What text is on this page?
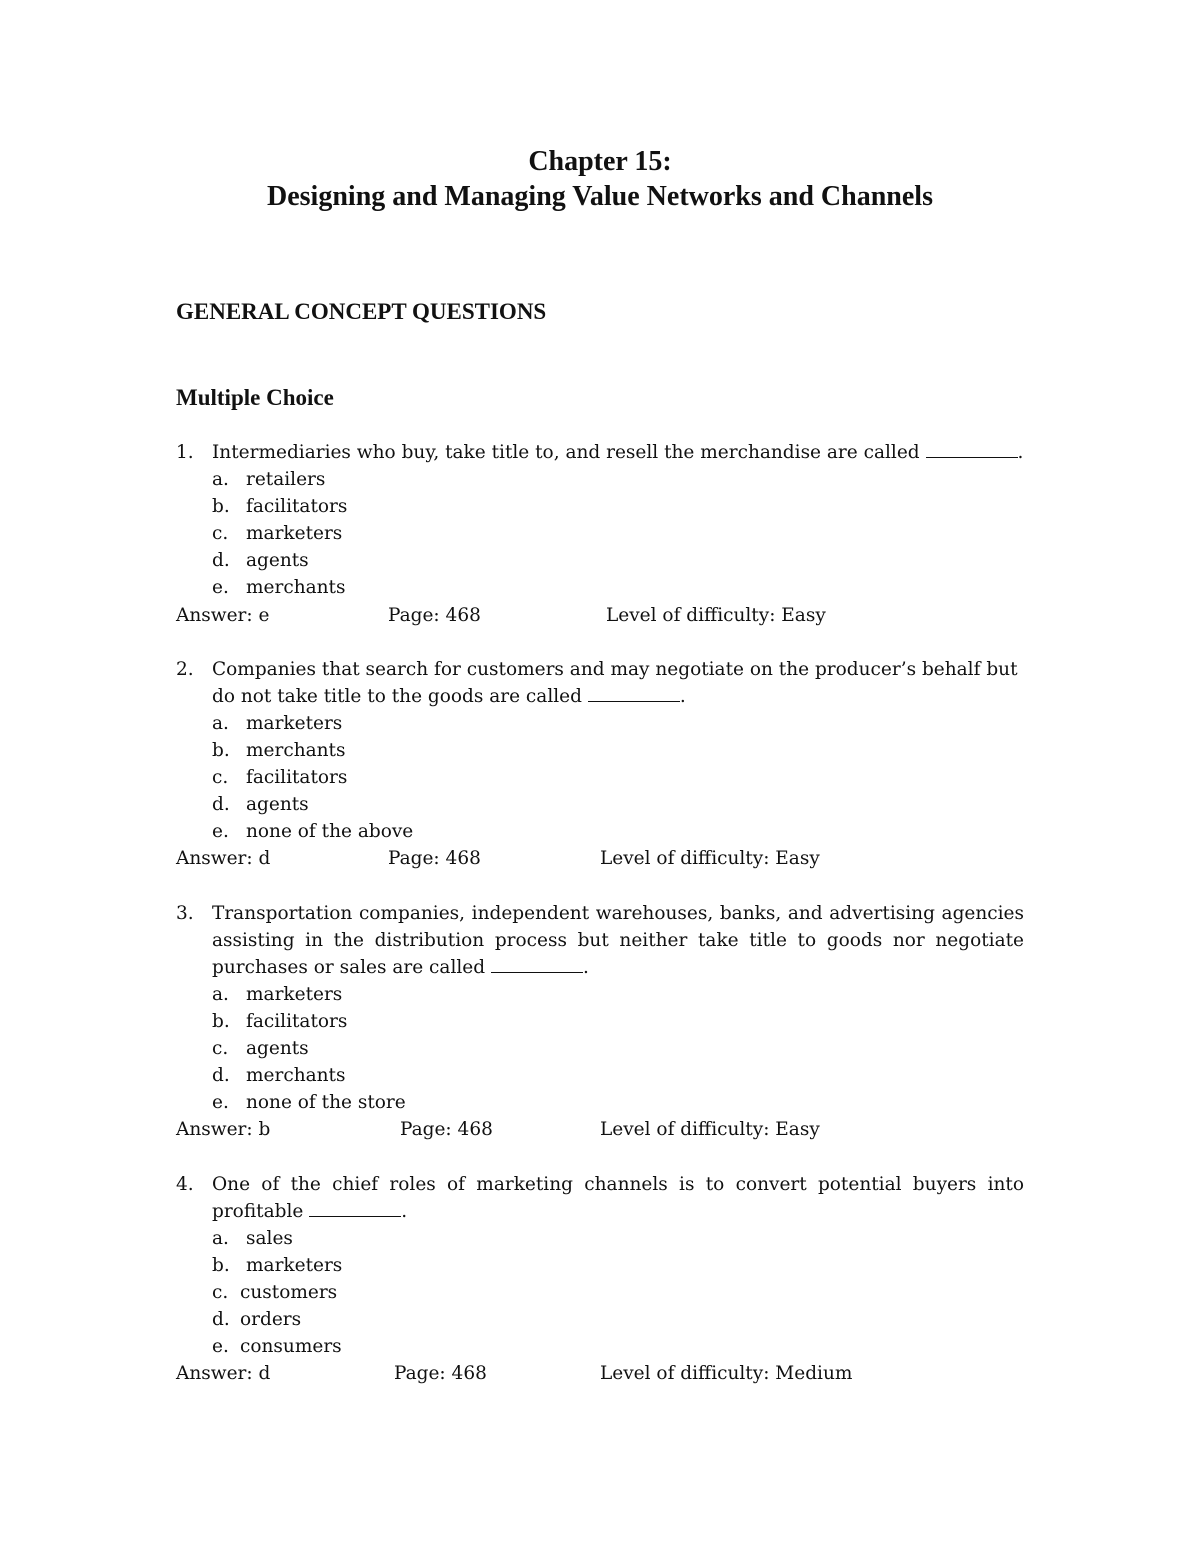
Chapter 15:
Designing and Managing Value Networks and Channels
GENERAL CONCEPT QUESTIONS
Multiple Choice
1. Intermediaries who buy, take title to, and resell the merchandise are called	.
a. retailers
b. facilitators
c. marketers
d. agents
e. merchants
Answer: e	Page: 468	Level of difficulty: Easy
2. Companies that search for customers and may negotiate on the producer’s behalf but do not take title to the goods are called	.
a. marketers
b. merchants
c. facilitators
d. agents
e. none of the above
Answer: d	Page: 468	Level of difficulty: Easy
3. Transportation companies, independent warehouses, banks, and advertising agencies assisting in the distribution process but neither take title to goods nor negotiate purchases or sales are called	.
a. marketers
b. facilitators
c. agents
d. merchants
e. none of the store
Answer: b	Page: 468	Level of difficulty: Easy
4. One of the chief roles of marketing channels is to convert potential buyers into profitable	.
a. sales
b. marketers
c. customers
d. orders
e. consumers
Answer: d	Page: 468	Level of difficulty: Medium
